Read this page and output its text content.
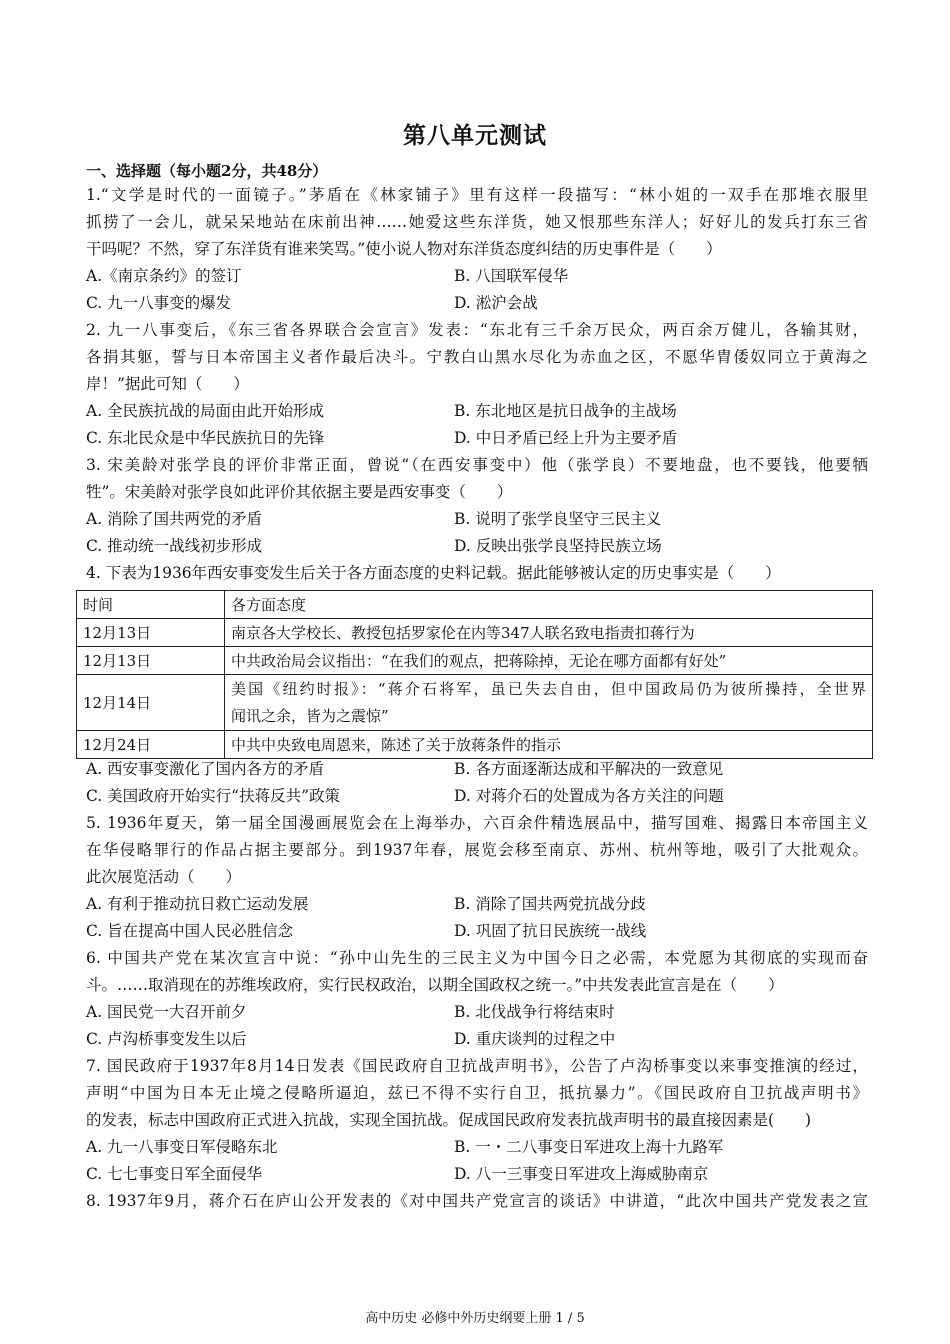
第八单元测试
一、选择题（每小题2分，共48分）
1.“文学是时代的一面镜子。”茅盾在《林家铺子》里有这样一段描写：“林小姐的一双手在那堆衣服里
抓捞了一会儿，就呆呆地站在床前出神……她爱这些东洋货，她又恨那些东洋人；好好儿的发兵打东三省
干吗呢？不然，穿了东洋货有谁来笑骂。”使小说人物对东洋货态度纠结的历史事件是（　　）
A.《南京条约》的签订	B. 八国联军侵华
C. 九一八事变的爆发	D. 淞沪会战
2. 九一八事变后，《东三省各界联合会宣言》发表：“东北有三千余万民众，两百余万健儿，各输其财，
各捐其躯，誓与日本帝国主义者作最后决斗。宁教白山黑水尽化为赤血之区，不愿华胄倭奴同立于黄海之
岸！”据此可知（　　）
A. 全民族抗战的局面由此开始形成	B. 东北地区是抗日战争的主战场
C. 东北民众是中华民族抗日的先锋	D. 中日矛盾已经上升为主要矛盾
3. 宋美龄对张学良的评价非常正面，曾说“（在西安事变中）他（张学良）不要地盘，也不要钱，他要牺
牲”。宋美龄对张学良如此评价其依据主要是西安事变（　　）
A. 消除了国共两党的矛盾	B. 说明了张学良坚守三民主义
C. 推动统一战线初步形成	D. 反映出张学良坚持民族立场
4. 下表为1936年西安事变发生后关于各方面态度的史料记载。据此能够被认定的历史事实是（　　）
时间	各方面态度
12月13日	南京各大学校长、教授包括罗家伦在内等347人联名致电指责扣蒋行为
12月13日	中共政治局会议指出：“在我们的观点，把蒋除掉，无论在哪方面都有好处”
12月14日	美国《纽约时报》：“蒋介石将军，虽已失去自由，但中国政局仍为彼所操持，全世界
闻讯之余，皆为之震惊”

12月24日	中共中央致电周恩来，陈述了关于放蒋条件的指示
A. 西安事变激化了国内各方的矛盾	B. 各方面逐渐达成和平解决的一致意见
C. 美国政府开始实行“扶蒋反共”政策	D. 对蒋介石的处置成为各方关注的问题
5. 1936年夏天，第一届全国漫画展览会在上海举办，六百余件精选展品中，描写国难、揭露日本帝国主义
在华侵略罪行的作品占据主要部分。到1937年春，展览会移至南京、苏州、杭州等地，吸引了大批观众。
此次展览活动（　　）
A. 有利于推动抗日救亡运动发展	B. 消除了国共两党抗战分歧
C. 旨在提高中国人民必胜信念	D. 巩固了抗日民族统一战线
6. 中国共产党在某次宣言中说：“孙中山先生的三民主义为中国今日之必需，本党愿为其彻底的实现而奋
斗。……取消现在的苏维埃政府，实行民权政治，以期全国政权之统一。”中共发表此宣言是在（　　）
A. 国民党一大召开前夕	B. 北伐战争行将结束时
C. 卢沟桥事变发生以后	D. 重庆谈判的过程之中
7. 国民政府于1937年8月14日发表《国民政府自卫抗战声明书》，公告了卢沟桥事变以来事变推演的经过，
声明“中国为日本无止境之侵略所逼迫，兹已不得不实行自卫，抵抗暴力”。《国民政府自卫抗战声明书》
的发表，标志中国政府正式进入抗战，实现全国抗战。促成国民政府发表抗战声明书的最直接因素是(　　)
A. 九一八事变日军侵略东北	B. 一・二八事变日军进攻上海十九路军
C. 七七事变日军全面侵华	D. 八一三事变日军进攻上海威胁南京
8. 1937年9月，蒋介石在庐山公开发表的《对中国共产党宣言的谈话》中讲道，“此次中国共产党发表之宣
高中历史 必修中外历史纲要上册 1 / 5
